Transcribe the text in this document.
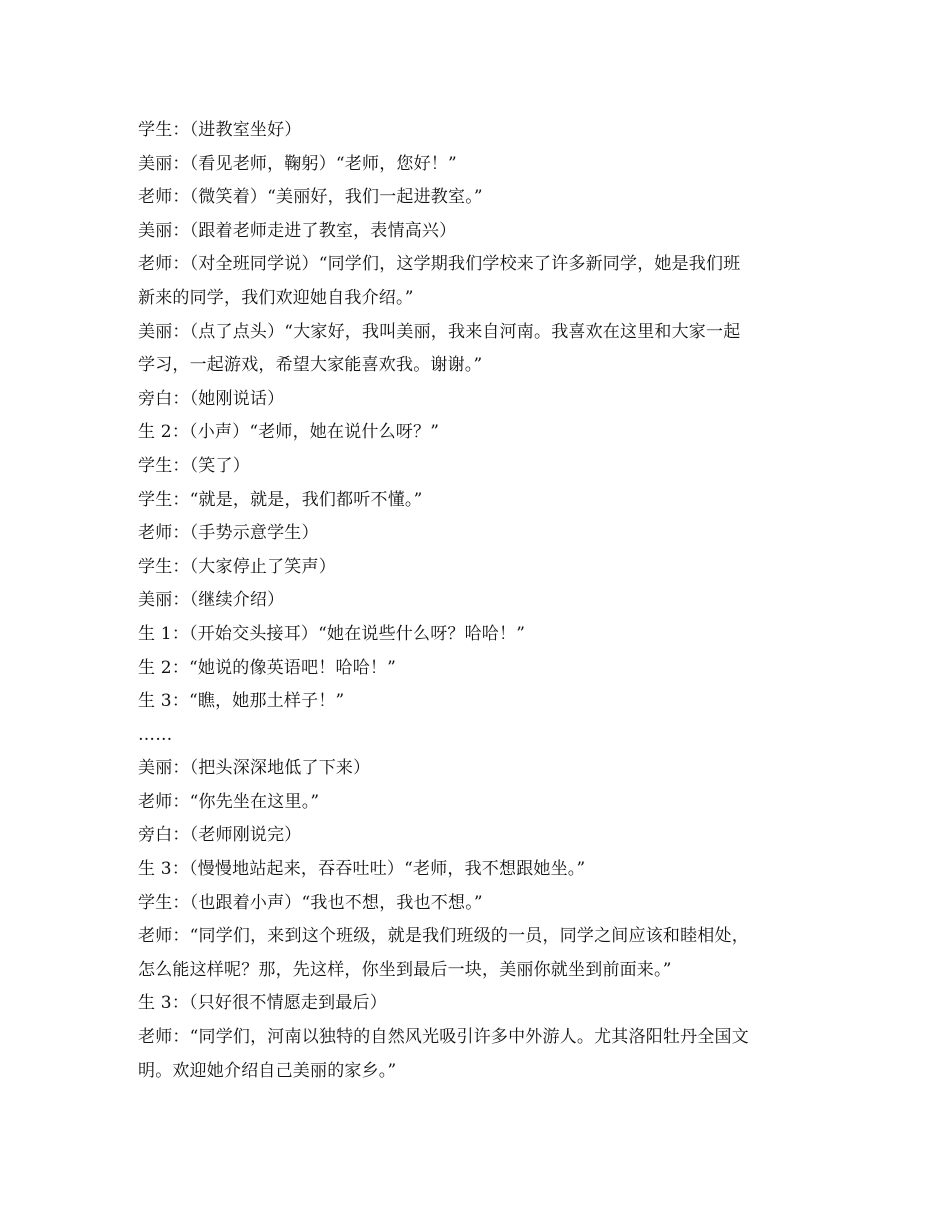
学生：（进教室坐好）
美丽：（看见老师，鞠躬）“老师，您好！”
老师：（微笑着）“美丽好，我们一起进教室。”
美丽：（跟着老师走进了教室，表情高兴）
老师：（对全班同学说）“同学们，这学期我们学校来了许多新同学，她是我们班
新来的同学，我们欢迎她自我介绍。”
美丽：（点了点头）“大家好，我叫美丽，我来自河南。我喜欢在这里和大家一起
学习，一起游戏，希望大家能喜欢我。谢谢。”
旁白：（她刚说话）
生 2：（小声）“老师，她在说什么呀？”
学生：（笑了）
学生：“就是，就是，我们都听不懂。”
老师：（手势示意学生）
学生：（大家停止了笑声）
美丽：（继续介绍）
生 1：（开始交头接耳）“她在说些什么呀？哈哈！”
生 2：“她说的像英语吧！哈哈！”
生 3：“瞧，她那土样子！”
……
美丽：（把头深深地低了下来）
老师：“你先坐在这里。”
旁白：（老师刚说完）
生 3：（慢慢地站起来，吞吞吐吐）“老师，我不想跟她坐。”
学生：（也跟着小声）“我也不想，我也不想。”
老师：“同学们，来到这个班级，就是我们班级的一员，同学之间应该和睦相处，
怎么能这样呢？那，先这样，你坐到最后一块，美丽你就坐到前面来。”
生 3：（只好很不情愿走到最后）
老师：“同学们，河南以独特的自然风光吸引许多中外游人。尤其洛阳牡丹全国文
明。欢迎她介绍自己美丽的家乡。”
